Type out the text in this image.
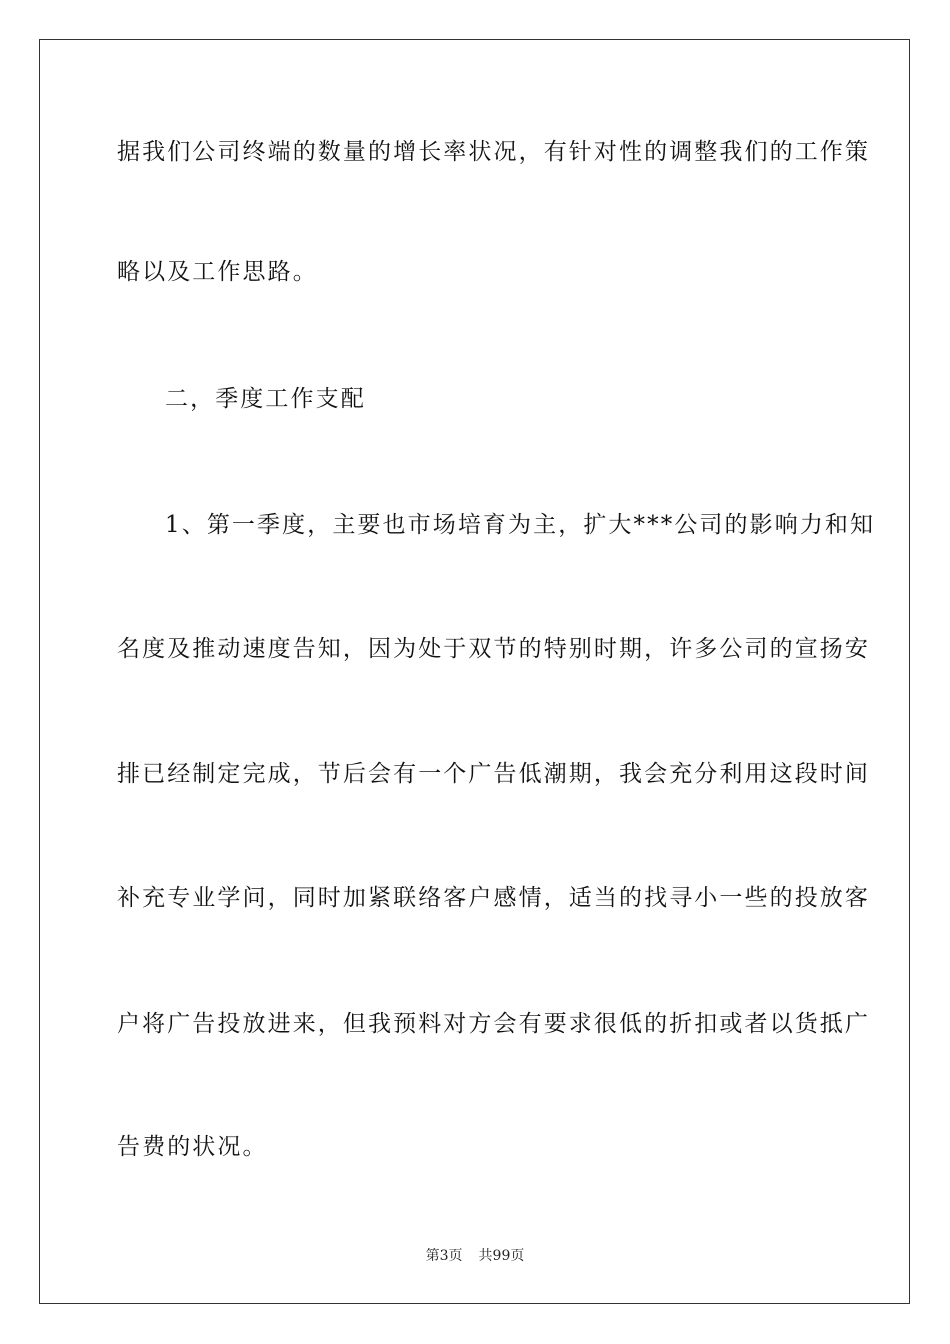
据我们公司终端的数量的增长率状况，有针对性的调整我们的工作策
略以及工作思路。
二，季度工作支配
1、第一季度，主要也市场培育为主，扩大***公司的影响力和知
名度及推动速度告知，因为处于双节的特别时期，许多公司的宣扬安
排已经制定完成，节后会有一个广告低潮期，我会充分利用这段时间
补充专业学问，同时加紧联络客户感情，适当的找寻小一些的投放客
户将广告投放进来，但我预料对方会有要求很低的折扣或者以货抵广
告费的状况。
第3页 共99页
